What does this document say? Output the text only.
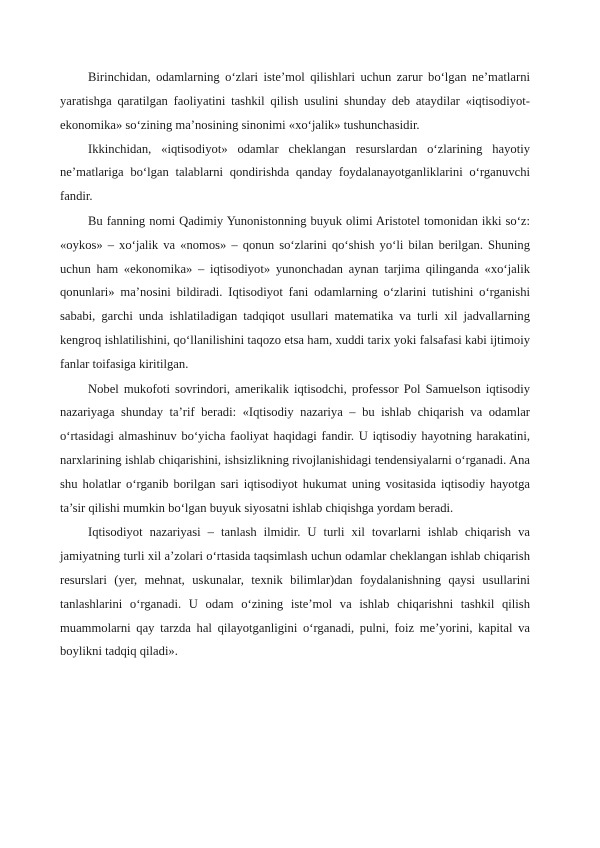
Birinchidan, odamlarning o‘zlari iste’mol qilishlari uchun zarur bo‘lgan ne’matlarni yaratishga qaratilgan faoliyatini tashkil qilish usulini shunday deb ataydilar «iqtisodiyot-ekonomika» so‘zining ma’nosining sinonimi «xo‘jalik» tushunchasidir.

Ikkinchidan, «iqtisodiyot» odamlar cheklangan resurslardan o‘zlarining hayotiy ne’matlariga bo‘lgan talablarni qondirishda qanday foydalanayotganliklarini o‘rganuvchi fandir.

Bu fanning nomi Qadimiy Yunonistonning buyuk olimi Aristotel tomonidan ikki so‘z: «oykos» – xo‘jalik va «nomos» – qonun so‘zlarini qo‘shish yo‘li bilan berilgan. Shuning uchun ham «ekonomika» – iqtisodiyot» yunonchadan aynan tarjima qilinganda «xo‘jalik qonunlari» ma’nosini bildiradi. Iqtisodiyot fani odamlarning o‘zlarini tutishini o‘rganishi sababi, garchi unda ishlatiladigan tadqiqot usullari matematika va turli xil jadvallarning kengroq ishlatilishini, qo‘llanilishini taqozo etsa ham, xuddi tarix yoki falsafasi kabi ijtimoiy fanlar toifasiga kiritilgan.

Nobel mukofoti sovrindori, amerikalik iqtisodchi, professor Pol Samuelson iqtisodiy nazariyaga shunday ta’rif beradi: «Iqtisodiy nazariya – bu ishlab chiqarish va odamlar o‘rtasidagi almashinuv bo‘yicha faoliyat haqidagi fandir. U iqtisodiy hayotning harakatini, narxlarining ishlab chiqarishini, ishsizlikning rivojlanishidagi tendensiyalarni o‘rganadi. Ana shu holatlar o‘rganib borilgan sari iqtisodiyot hukumat uning vositasida iqtisodiy hayotga ta’sir qilishi mumkin bo‘lgan buyuk siyosatni ishlab chiqishga yordam beradi.

Iqtisodiyot nazariyasi – tanlash ilmidir. U turli xil tovarlarni ishlab chiqarish va jamiyatning turli xil a’zolari o‘rtasida taqsimlash uchun odamlar cheklangan ishlab chiqarish resurslari (yer, mehnat, uskunalar, texnik bilimlar)dan foydalanishning qaysi usullarini tanlashlarini o‘rganadi. U odam o‘zining iste’mol va ishlab chiqarishni tashkil qilish muammolarni qay tarzda hal qilayotganligini o‘rganadi, pulni, foiz me’yorini, kapital va boylikni tadqiq qiladi».
